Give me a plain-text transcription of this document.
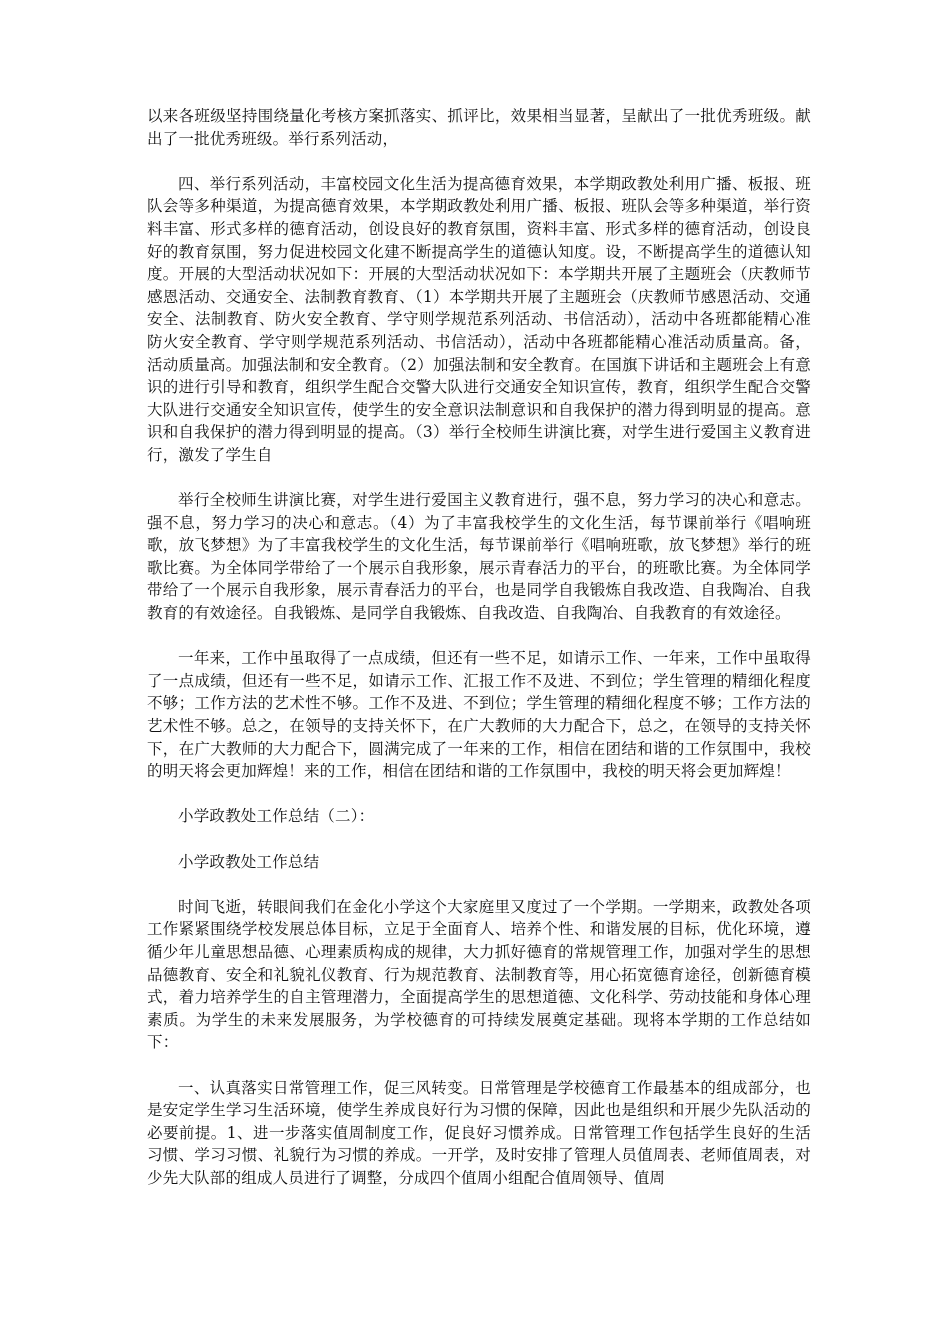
以来各班级坚持围绕量化考核方案抓落实、抓评比，效果相当显著，呈献出了一批优秀班级。献出了一批优秀班级。举行系列活动，

四、举行系列活动，丰富校园文化生活为提高德育效果，本学期政教处利用广播、板报、班队会等多种渠道，为提高德育效果，本学期政教处利用广播、板报、班队会等多种渠道，举行资料丰富、形式多样的德育活动，创设良好的教育氛围，资料丰富、形式多样的德育活动，创设良好的教育氛围，努力促进校园文化建不断提高学生的道德认知度。设，不断提高学生的道德认知度。开展的大型活动状况如下：开展的大型活动状况如下：本学期共开展了主题班会（庆教师节感恩活动、交通安全、法制教育教育、（1）本学期共开展了主题班会（庆教师节感恩活动、交通安全、法制教育、防火安全教育、学守则学规范系列活动、书信活动），活动中各班都能精心准防火安全教育、学守则学规范系列活动、书信活动），活动中各班都能精心准活动质量高。备，活动质量高。加强法制和安全教育。（2）加强法制和安全教育。在国旗下讲话和主题班会上有意识的进行引导和教育，组织学生配合交警大队进行交通安全知识宣传，教育，组织学生配合交警大队进行交通安全知识宣传，使学生的安全意识法制意识和自我保护的潜力得到明显的提高。意识和自我保护的潜力得到明显的提高。（3）举行全校师生讲演比赛，对学生进行爱国主义教育进行，激发了学生自

举行全校师生讲演比赛，对学生进行爱国主义教育进行，强不息，努力学习的决心和意志。强不息，努力学习的决心和意志。（4）为了丰富我校学生的文化生活，每节课前举行《唱响班歌，放飞梦想》为了丰富我校学生的文化生活，每节课前举行《唱响班歌，放飞梦想》举行的班歌比赛。为全体同学带给了一个展示自我形象，展示青春活力的平台，的班歌比赛。为全体同学带给了一个展示自我形象，展示青春活力的平台，也是同学自我锻炼自我改造、自我陶冶、自我教育的有效途径。自我锻炼、是同学自我锻炼、自我改造、自我陶冶、自我教育的有效途径。

一年来，工作中虽取得了一点成绩，但还有一些不足，如请示工作、一年来，工作中虽取得了一点成绩，但还有一些不足，如请示工作、汇报工作不及进、不到位；学生管理的精细化程度不够；工作方法的艺术性不够。工作不及进、不到位；学生管理的精细化程度不够；工作方法的艺术性不够。总之，在领导的支持关怀下，在广大教师的大力配合下，总之，在领导的支持关怀下，在广大教师的大力配合下，圆满完成了一年来的工作，相信在团结和谐的工作氛围中，我校的明天将会更加辉煌！来的工作，相信在团结和谐的工作氛围中，我校的明天将会更加辉煌！

小学政教处工作总结（二）：

小学政教处工作总结

时间飞逝，转眼间我们在金化小学这个大家庭里又度过了一个学期。一学期来，政教处各项工作紧紧围绕学校发展总体目标，立足于全面育人、培养个性、和谐发展的目标，优化环境，遵循少年儿童思想品德、心理素质构成的规律，大力抓好德育的常规管理工作，加强对学生的思想品德教育、安全和礼貌礼仪教育、行为规范教育、法制教育等，用心拓宽德育途径，创新德育模式，着力培养学生的自主管理潜力，全面提高学生的思想道德、文化科学、劳动技能和身体心理素质。为学生的未来发展服务，为学校德育的可持续发展奠定基础。现将本学期的工作总结如下：

一、认真落实日常管理工作，促三风转变。日常管理是学校德育工作最基本的组成部分，也是安定学生学习生活环境，使学生养成良好行为习惯的保障，因此也是组织和开展少先队活动的必要前提。1、进一步落实值周制度工作，促良好习惯养成。日常管理工作包括学生良好的生活习惯、学习习惯、礼貌行为习惯的养成。一开学，及时安排了管理人员值周表、老师值周表，对少先大队部的组成人员进行了调整，分成四个值周小组配合值周领导、值周
